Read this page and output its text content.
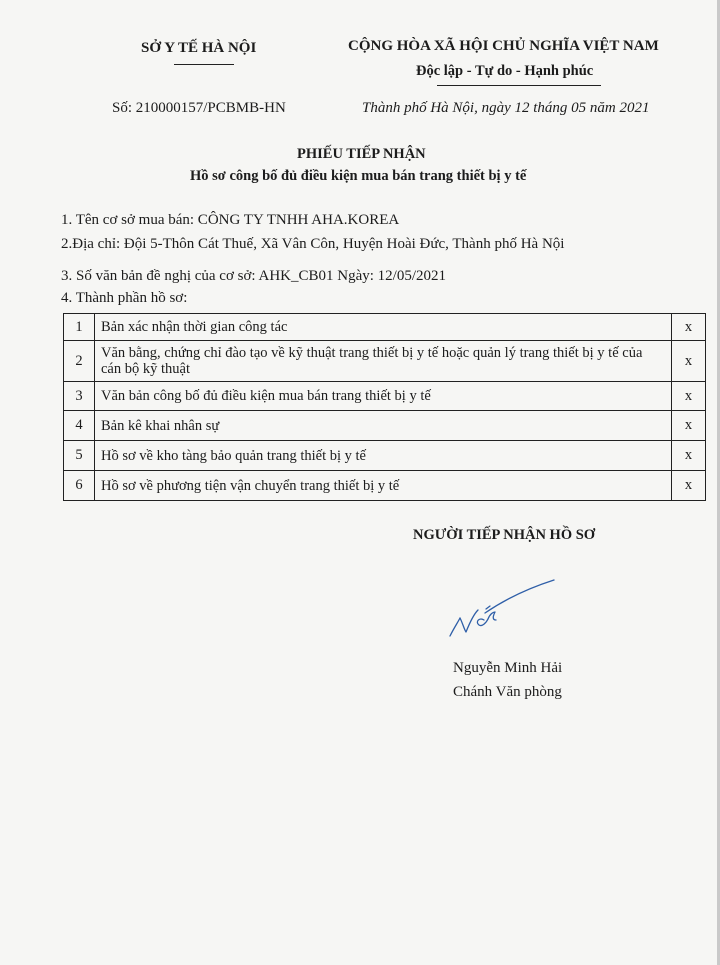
SỞ Y TẾ HÀ NỘI	CỘNG HÒA XÃ HỘI CHỦ NGHĨA VIỆT NAM
Độc lập - Tự do - Hạnh phúc
Số: 210000157/PCBMB-HN	Thành phố Hà Nội, ngày 12 tháng 05 năm 2021
PHIẾU TIẾP NHẬN
Hồ sơ công bố đủ điều kiện mua bán trang thiết bị y tế
1. Tên cơ sở mua bán: CÔNG TY TNHH AHA.KOREA
2.Địa chỉ: Đội 5-Thôn Cát Thuế, Xã Vân Côn, Huyện Hoài Đức, Thành phố Hà Nội
3. Số văn bản đề nghị của cơ sở: AHK_CB01 Ngày: 12/05/2021
4. Thành phần hồ sơ:
1	Bản xác nhận thời gian công tác	x
2	Văn bằng, chứng chỉ đào tạo về kỹ thuật trang thiết bị y tế hoặc quản lý trang thiết bị y tế của cán bộ kỹ thuật	x
3	Văn bản công bố đủ điều kiện mua bán trang thiết bị y tế	x
4	Bản kê khai nhân sự	x
5	Hồ sơ về kho tàng bảo quản trang thiết bị y tế	x
6	Hồ sơ về phương tiện vận chuyển trang thiết bị y tế	x
NGƯỜI TIẾP NHẬN HỒ SƠ
Nguyễn Minh Hải
Chánh Văn phòng
